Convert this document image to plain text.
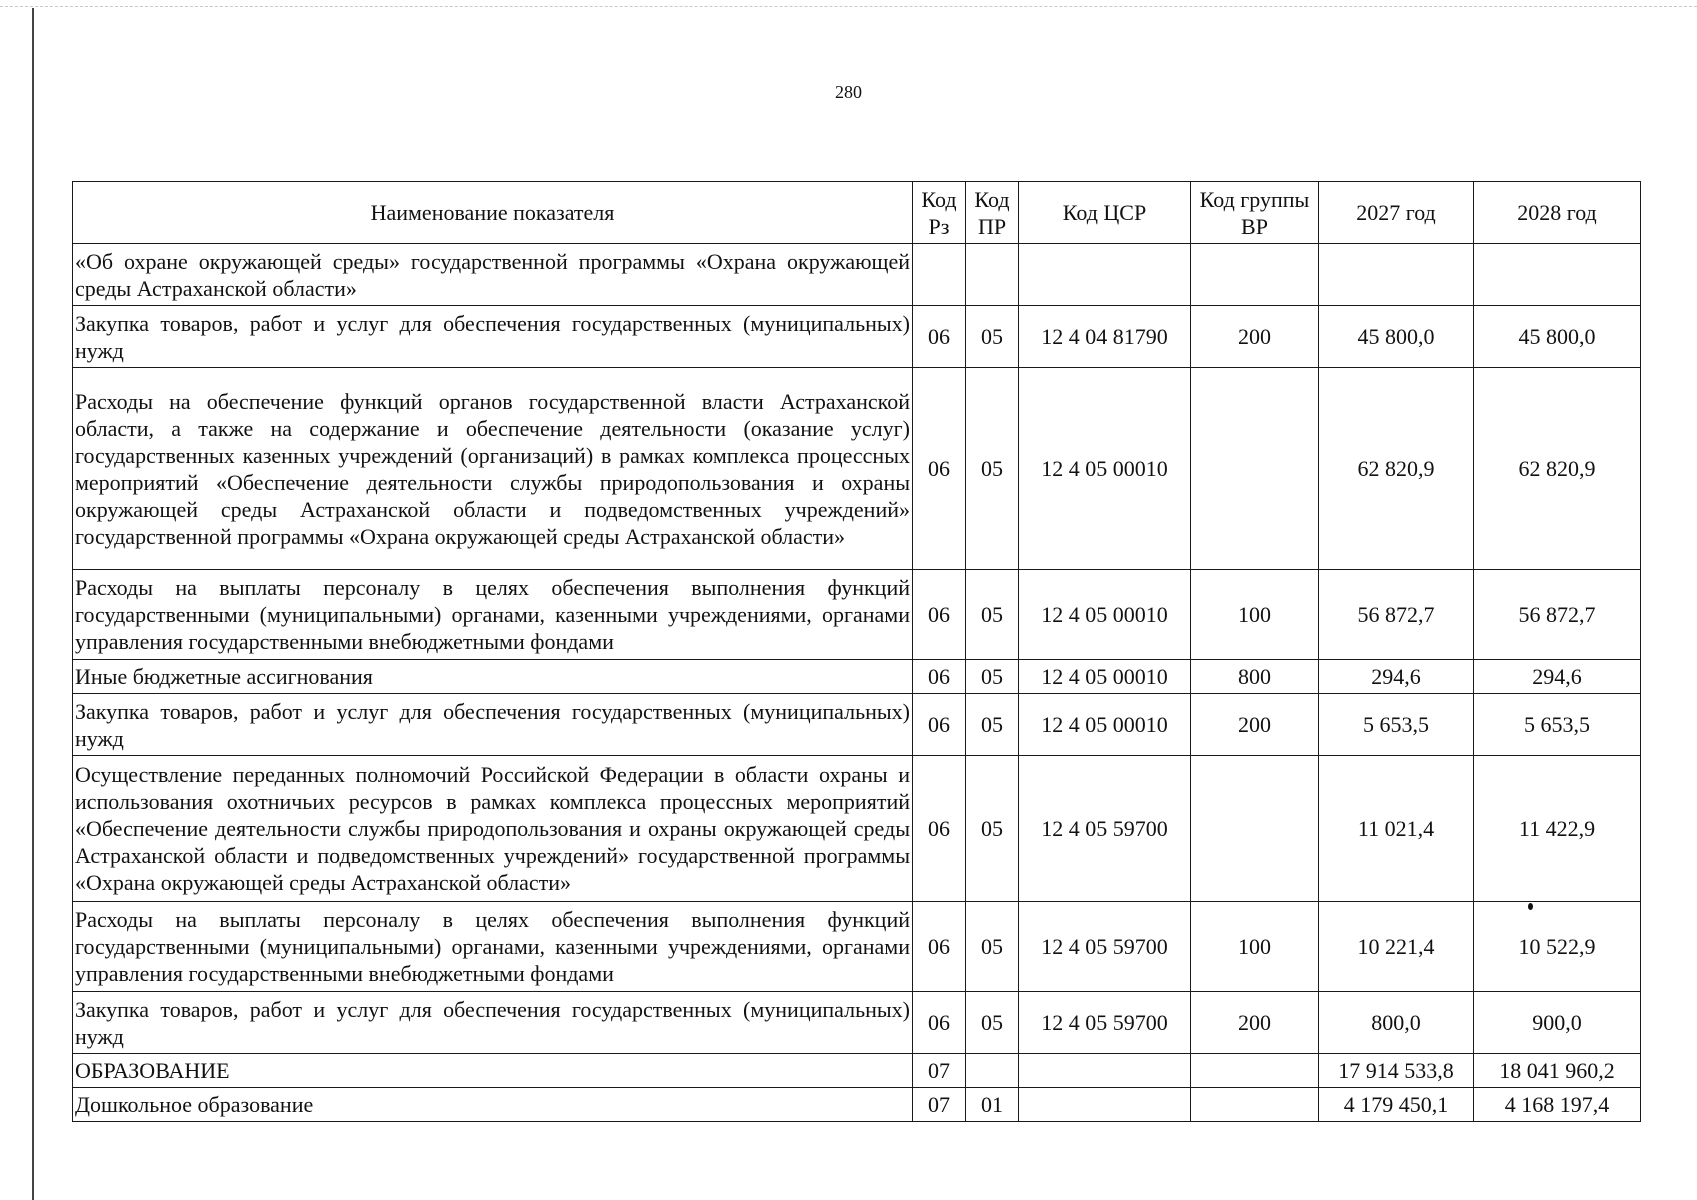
280
Наименование показателя	Код Рз	Код ПР	Код ЦСР	Код группы ВР	2027 год	2028 год
«Об охране окружающей среды» государственной программы «Охрана окружающей среды Астраханской области»						
Закупка товаров, работ и услуг для обеспечения государственных (муниципальных) нужд	06	05	12 4 04 81790	200	45 800,0	45 800,0
Расходы на обеспечение функций органов государственной власти Астраханской области, а также на содержание и обеспечение деятельности (оказание услуг) государственных казенных учреждений (организаций) в рамках комплекса процессных мероприятий «Обеспечение деятельности службы природопользования и охраны окружающей среды Астраханской области и подведомственных учреждений» государственной программы «Охрана окружающей среды Астраханской области»	06	05	12 4 05 00010		62 820,9	62 820,9
Расходы на выплаты персоналу в целях обеспечения выполнения функций государственными (муниципальными) органами, казенными учреждениями, органами управления государственными внебюджетными фондами	06	05	12 4 05 00010	100	56 872,7	56 872,7
Иные бюджетные ассигнования	06	05	12 4 05 00010	800	294,6	294,6
Закупка товаров, работ и услуг для обеспечения государственных (муниципальных) нужд	06	05	12 4 05 00010	200	5 653,5	5 653,5
Осуществление переданных полномочий Российской Федерации в области охраны и использования охотничьих ресурсов в рамках комплекса процессных мероприятий «Обеспечение деятельности службы природопользования и охраны окружающей среды Астраханской области и подведомственных учреждений» государственной программы «Охрана окружающей среды Астраханской области»	06	05	12 4 05 59700		11 021,4	11 422,9
Расходы на выплаты персоналу в целях обеспечения выполнения функций государственными (муниципальными) органами, казенными учреждениями, органами управления государственными внебюджетными фондами	06	05	12 4 05 59700	100	10 221,4	10 522,9
Закупка товаров, работ и услуг для обеспечения государственных (муниципальных) нужд	06	05	12 4 05 59700	200	800,0	900,0
ОБРАЗОВАНИЕ	07				17 914 533,8	18 041 960,2
Дошкольное образование	07	01			4 179 450,1	4 168 197,4
